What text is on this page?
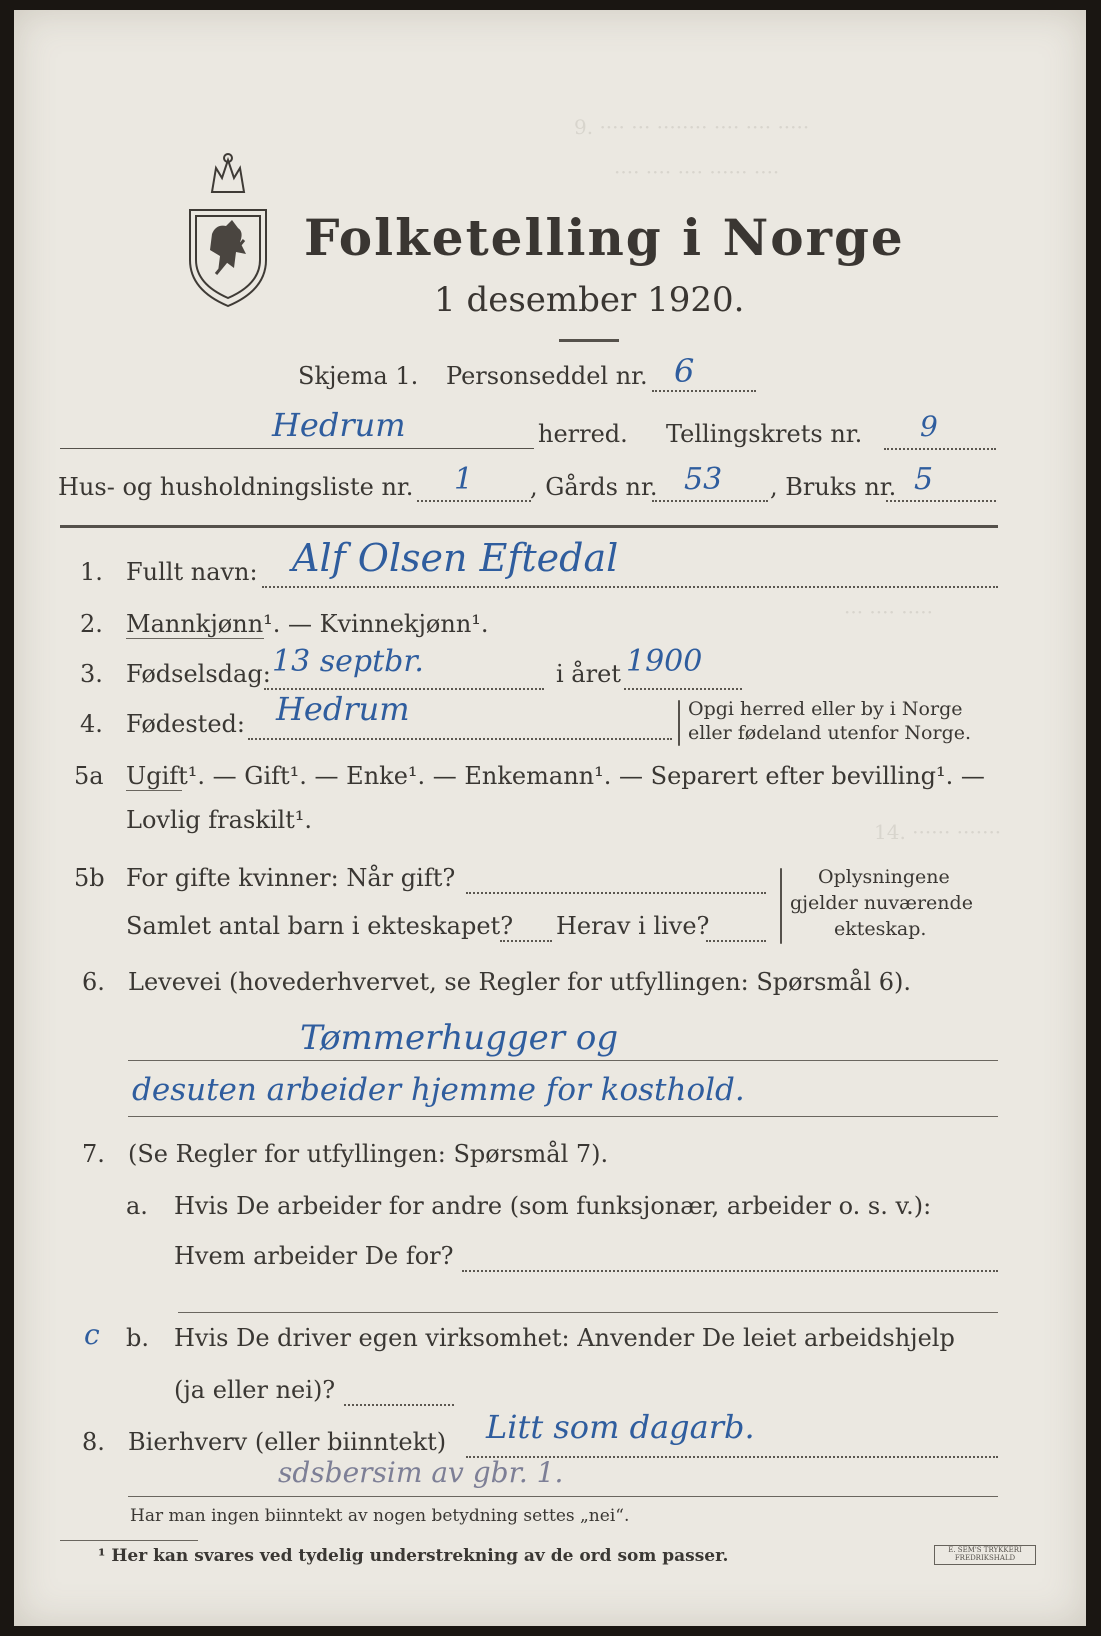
9. ···· ··· ········ ···· ···· ·····
···· ···· ···· ······ ····
··· ···· ·····
14. ······ ·······
Folketelling i Norge
1 desember 1920.
Skjema 1. Personseddel nr. 6
Hedrum	herred. Tellingskrets nr. 9
Hus- og husholdningsliste nr. 1 , Gårds nr. 53 , Bruks nr. 5
1. Fullt navn: Alf Olsen Eftedal
2. Mannkjønn¹. — Kvinnekjønn¹.
3. Fødselsdag: 13 septbr.	i året 1900
4. Fødested: Hedrum	Opgi herred eller by i Norge
eller fødeland utenfor Norge.
5a Ugift¹. — Gift¹. — Enke¹. — Enkemann¹. — Separert efter bevilling¹. —
Lovlig fraskilt¹.
5b For gifte kvinner: Når gift?
Samlet antal barn i ekteskapet? Herav i live?
Oplysningene
gjelder nuværende
ekteskap.
6. Levevei (hovederhvervet, se Regler for utfyllingen: Spørsmål 6).
Tømmerhugger og
desuten arbeider hjemme for kosthold.
7. (Se Regler for utfyllingen: Spørsmål 7).
a. Hvis De arbeider for andre (som funksjonær, arbeider o. s. v.):
Hvem arbeider De for?
c b. Hvis De driver egen virksomhet: Anvender De leiet arbeidshjelp
(ja eller nei)?
8. Bierhverv (eller biinntekt) Litt som dagarb.
sdsbersim av gbr. 1.
Har man ingen biinntekt av nogen betydning settes „nei“.
¹ Her kan svares ved tydelig understrekning av de ord som passer.	E. SEM'S TRYKKERI
FREDRIKSHALD
